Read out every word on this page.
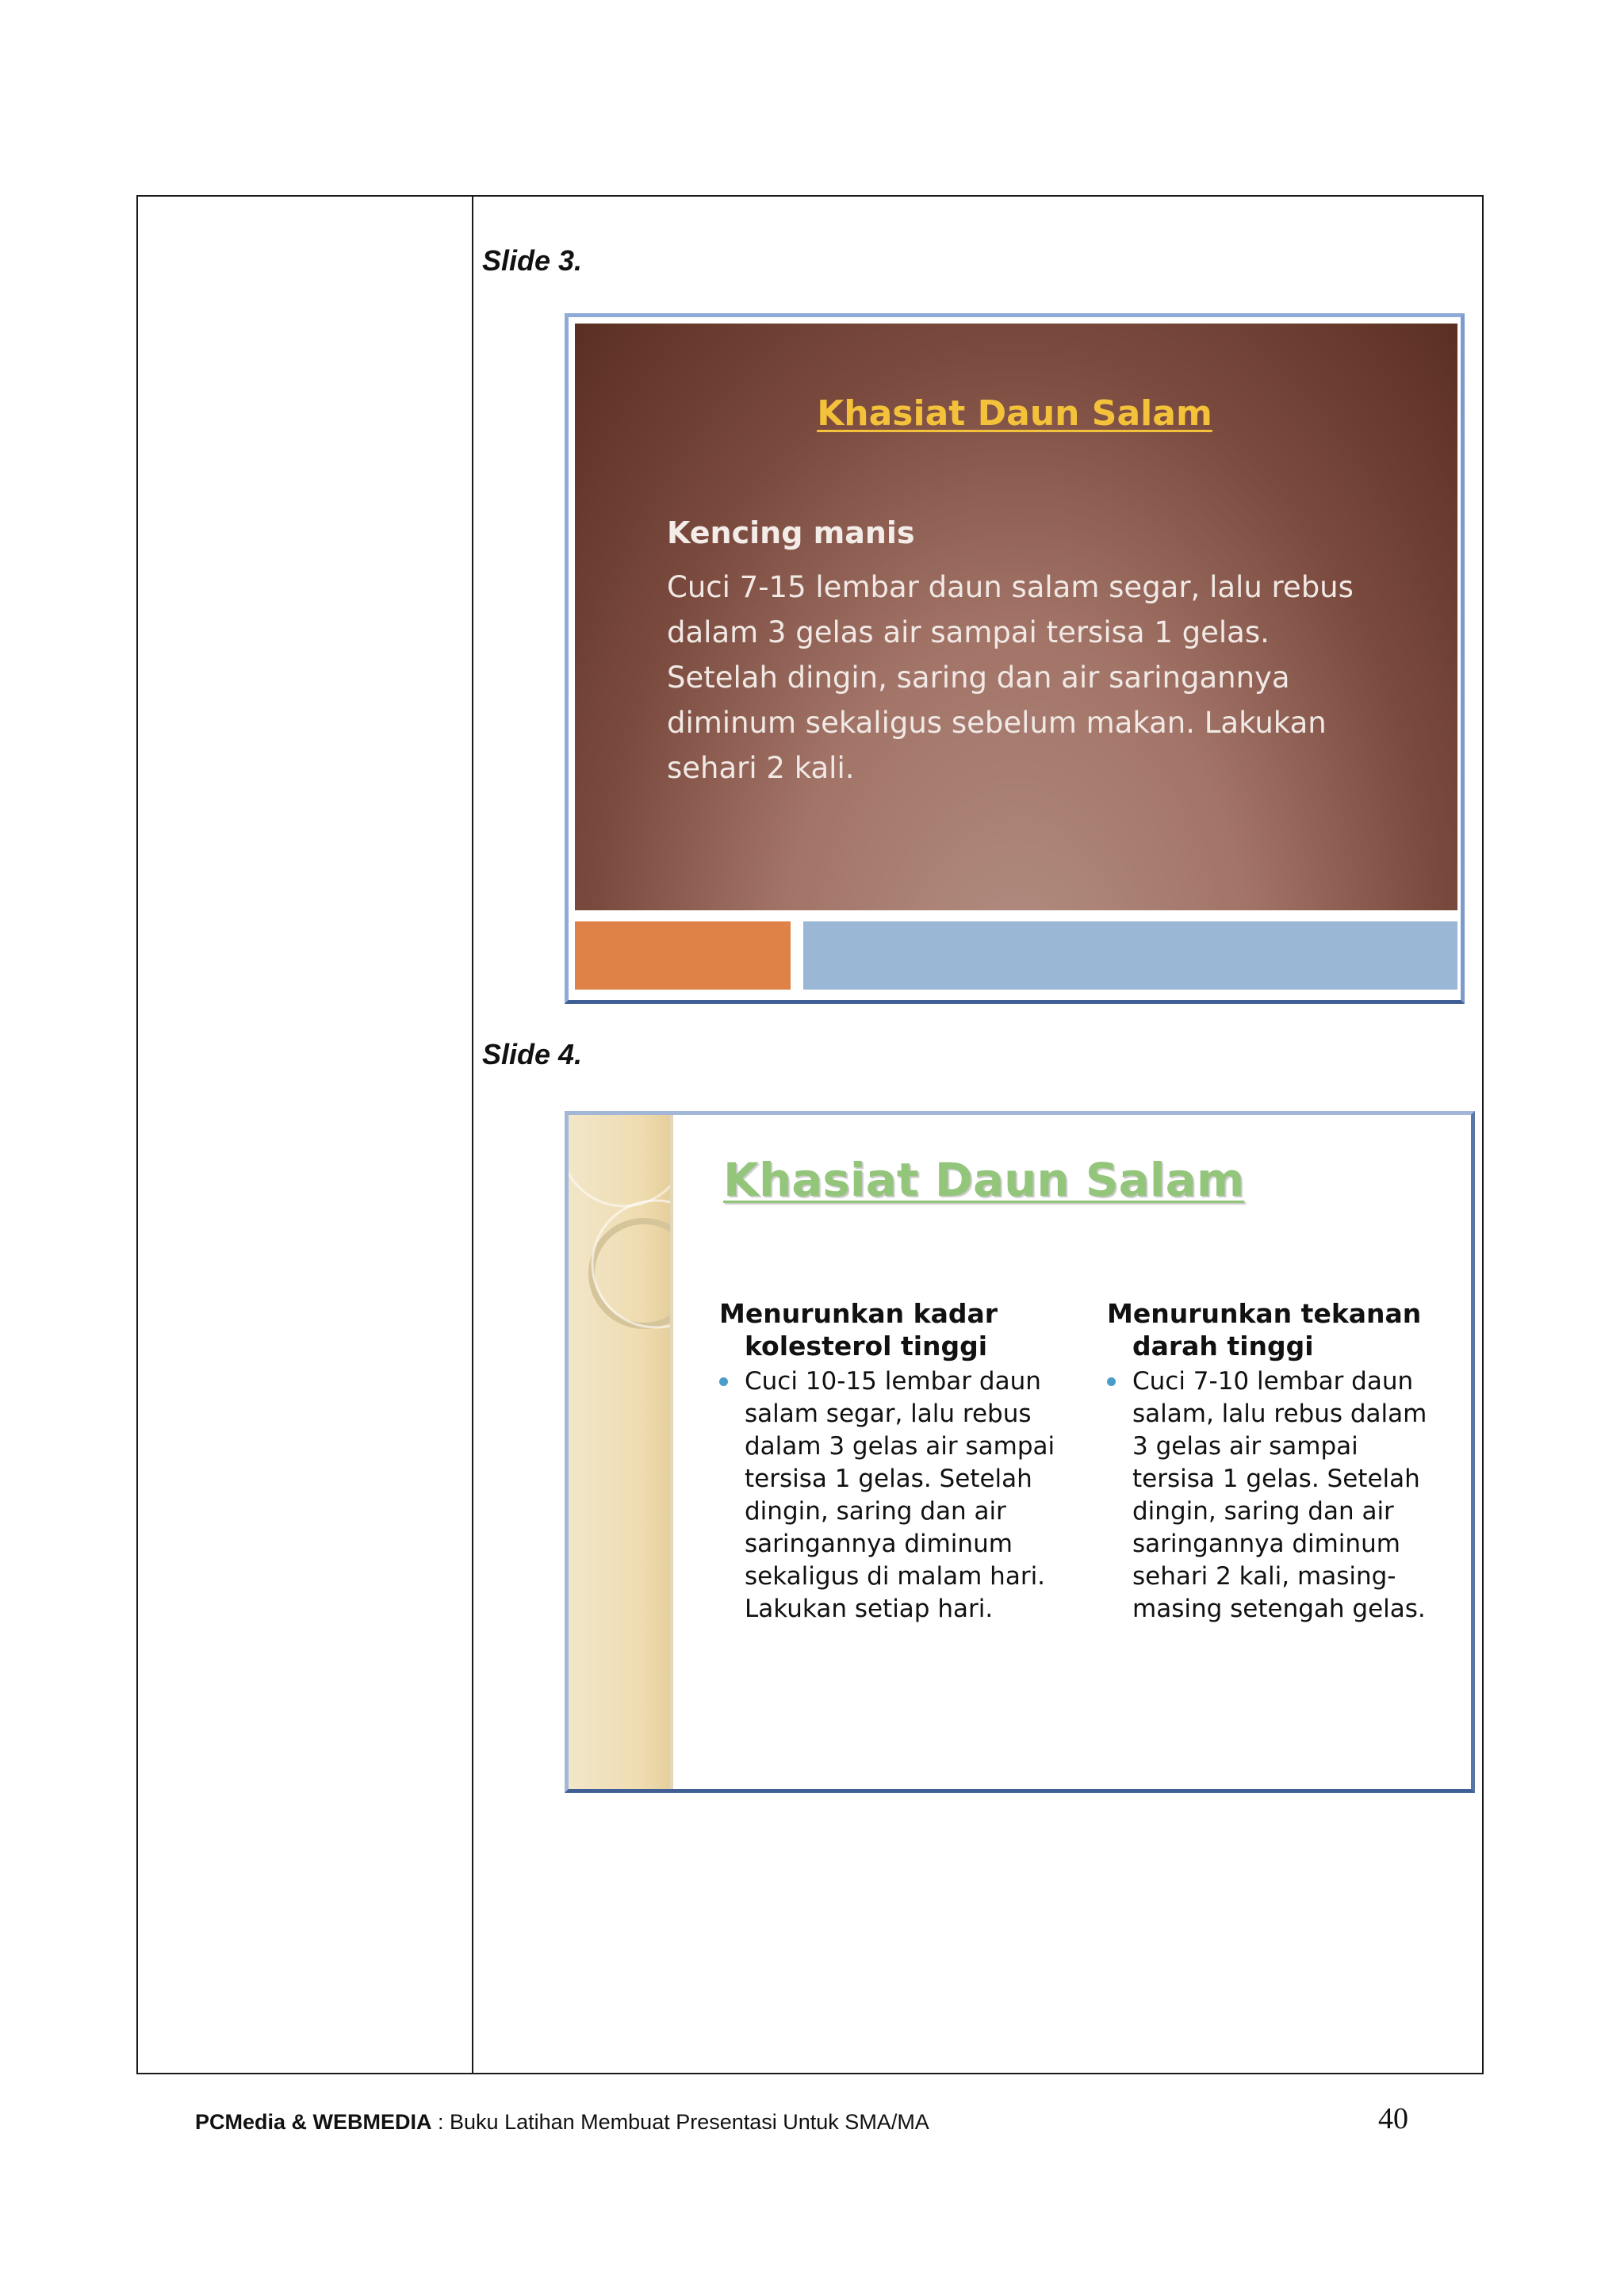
Slide 3.
Khasiat Daun Salam
Kencing manis
Cuci 7-15 lembar daun salam segar, lalu rebus dalam 3 gelas air sampai tersisa 1 gelas. Setelah dingin, saring dan air saringannya diminum sekaligus sebelum makan. Lakukan sehari 2 kali.
Slide 4.
Khasiat Daun Salam
Menurunkan kadar kolesterol tinggi
Cuci 10-15 lembar daun salam segar, lalu rebus dalam 3 gelas air sampai tersisa 1 gelas. Setelah dingin, saring dan air saringannya diminum sekaligus di malam hari. Lakukan setiap hari.
Menurunkan tekanan darah tinggi
Cuci 7-10 lembar daun salam, lalu rebus dalam 3 gelas air sampai tersisa 1 gelas. Setelah dingin, saring dan air saringannya diminum sehari 2 kali, masing-masing setengah gelas.
PCMedia & WEBMEDIA : Buku Latihan Membuat Presentasi Untuk SMA/MA	40
